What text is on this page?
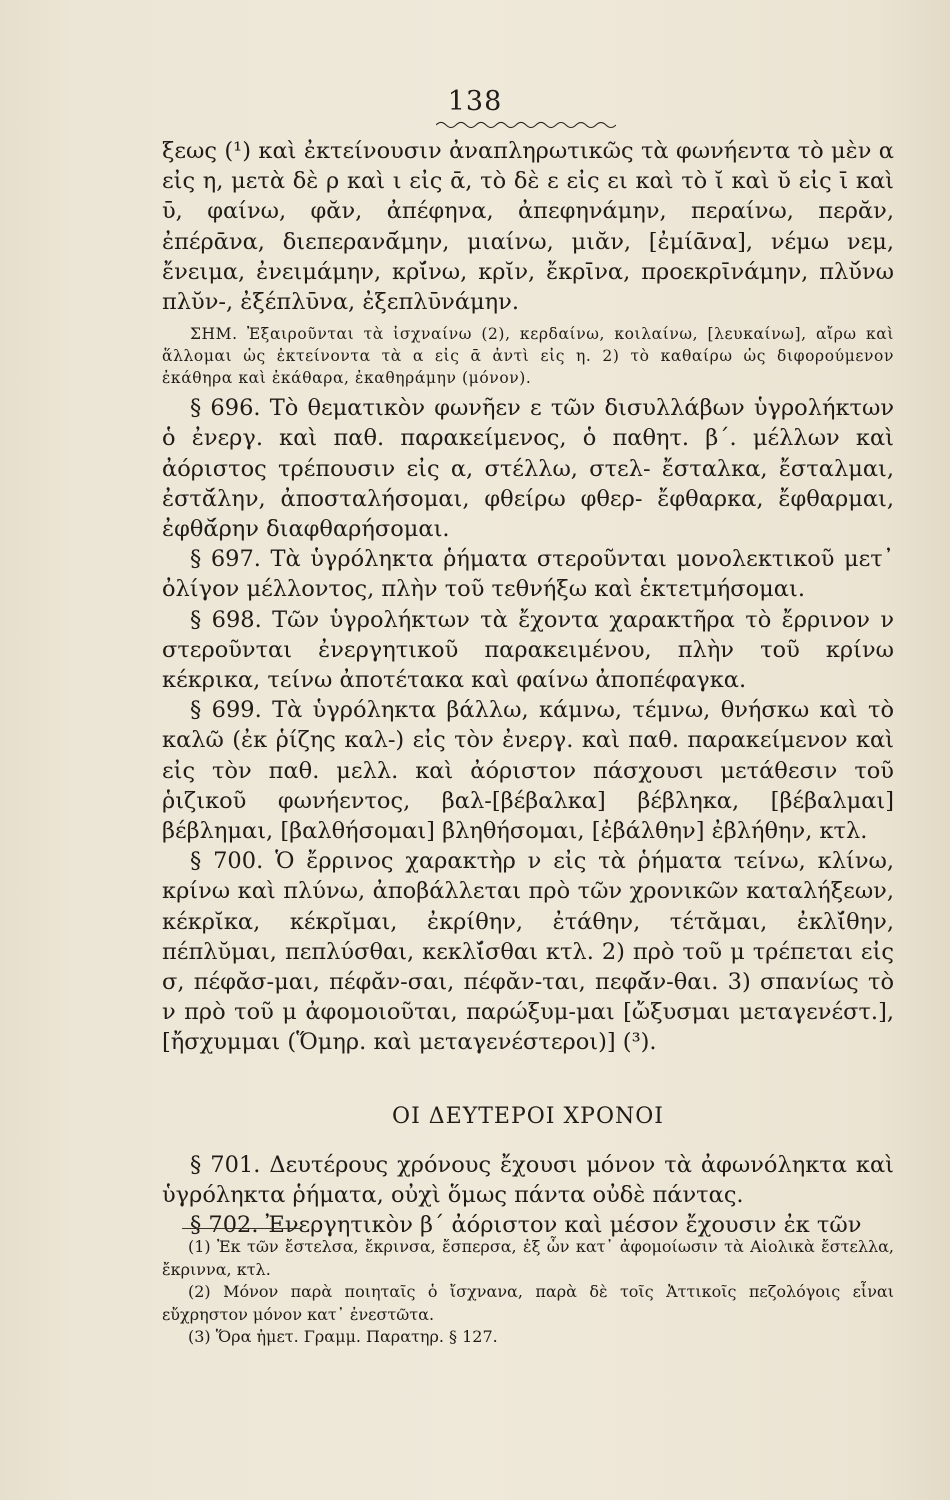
138

ξεως (¹) καὶ ἐκτείνουσιν ἀναπληρωτικῶς τὰ φωνήεντα τὸ μὲν α εἰς η, μετὰ δὲ ρ καὶ ι εἰς ᾱ, τὸ δὲ ε εἰς ει καὶ τὸ ῐ καὶ ῠ εἰς ῑ καὶ ῡ, φαίνω, φᾰν, ἀπέφηνα, ἀπεφηνάμην, περαίνω, περᾰν, ἐπέρᾱνα, διεπερανᾱ́μην, μιαίνω, μιᾰν, [ἐμίᾱνα], νέμω νεμ, ἔνειμα, ἐνειμάμην, κρῐ́νω, κρῐν, ἔκρῑνα, προεκρῑνάμην, πλῠ́νω πλῠν-, ἐξέπλῡνα, ἐξεπλῡνάμην.

ΣΗΜ. Ἐξαιροῦνται τὰ ἰσχναίνω (2), κερδαίνω, κοιλαίνω, [λευκαίνω], αἴρω καὶ ἅλλομαι ὡς ἐκτείνοντα τὰ α εἰς ᾱ ἀντὶ εἰς η. 2) τὸ καθαίρω ὡς διφορούμενον ἐκάθηρα καὶ ἐκάθαρα, ἐκαθηράμην (μόνον).

§ 696. Τὸ θεματικὸν φωνῆεν ε τῶν δισυλλάβων ὑγρολήκτων ὁ ἐνεργ. καὶ παθ. παρακείμενος, ὁ παθητ. β΄. μέλλων καὶ ἀόριστος τρέπουσιν εἰς α, στέλλω, στελ- ἔσταλκα, ἔσταλμαι, ἐστᾰ́λην, ἀποσταλήσομαι, φθείρω φθερ- ἔφθαρκα, ἔφθαρμαι, ἐφθᾰ́ρην διαφθαρήσομαι.

§ 697. Τὰ ὑγρόληκτα ῥήματα στεροῦνται μονολεκτικοῦ μετ᾿ ὀλίγον μέλλοντος, πλὴν τοῦ τεθνήξω καὶ ἑκτετμήσομαι.

§ 698. Τῶν ὑγρολήκτων τὰ ἔχοντα χαρακτῆρα τὸ ἔρρινον ν στεροῦνται ἐνεργητικοῦ παρακειμένου, πλὴν τοῦ κρίνω κέκρικα, τείνω ἀποτέτακα καὶ φαίνω ἀποπέφαγκα.

§ 699. Τὰ ὑγρόληκτα βάλλω, κάμνω, τέμνω, θνήσκω καὶ τὸ καλῶ (ἐκ ῥίζης καλ-) εἰς τὸν ἐνεργ. καὶ παθ. παρακείμενον καὶ εἰς τὸν παθ. μελλ. καὶ ἀόριστον πάσχουσι μετάθεσιν τοῦ ῥιζικοῦ φωνήεντος, βαλ-[βέβαλκα] βέβληκα, [βέβαλμαι] βέβλημαι, [βαλθήσομαι] βληθήσομαι, [ἐβάλθην] ἐβλήθην, κτλ.

§ 700. Ὁ ἔρρινος χαρακτὴρ ν εἰς τὰ ῥήματα τείνω, κλίνω, κρίνω καὶ πλύνω, ἀποβάλλεται πρὸ τῶν χρονικῶν καταλήξεων, κέκρῐκα, κέκρῐμαι, ἐκρίθην, ἐτάθην, τέτᾰμαι, ἐκλῐ́θην, πέπλῠμαι, πεπλύσθαι, κεκλῐ́σθαι κτλ. 2) πρὸ τοῦ μ τρέπεται εἰς σ, πέφᾰσ-μαι, πέφᾰν-σαι, πέφᾰν-ται, πεφᾰ́ν-θαι. 3) σπανίως τὸ ν πρὸ τοῦ μ ἀφομοιοῦται, παρώξυμ-μαι [ὤξυσμαι μεταγενέστ.], [ἤσχυμμαι (Ὅμηρ. καὶ μεταγενέστεροι)] (³).

ΟΙ ΔΕΥΤΕΡΟΙ ΧΡΟΝΟΙ

§ 701. Δευτέρους χρόνους ἔχουσι μόνον τὰ ἀφωνόληκτα καὶ ὑγρόληκτα ῥήματα, οὐχὶ ὅμως πάντα οὐδὲ πάντας.

§ 702. Ἐνεργητικὸν β΄ ἀόριστον καὶ μέσον ἔχουσιν ἐκ τῶν

(1) Ἐκ τῶν ἔστελσα, ἔκρινσα, ἔσπερσα, ἐξ ὧν κατ᾿ ἀφομοίωσιν τὰ Αἰολικὰ ἔστελλα, ἔκριννα, κτλ.

(2) Μόνον παρὰ ποιηταῖς ὁ ἴσχνανα, παρὰ δὲ τοῖς Ἀττικοῖς πεζολόγοις εἶναι εὔχρηστον μόνον κατ᾿ ἐνεστῶτα.

(3) Ὅρα ἡμετ. Γραμμ. Παρατηρ. § 127.
